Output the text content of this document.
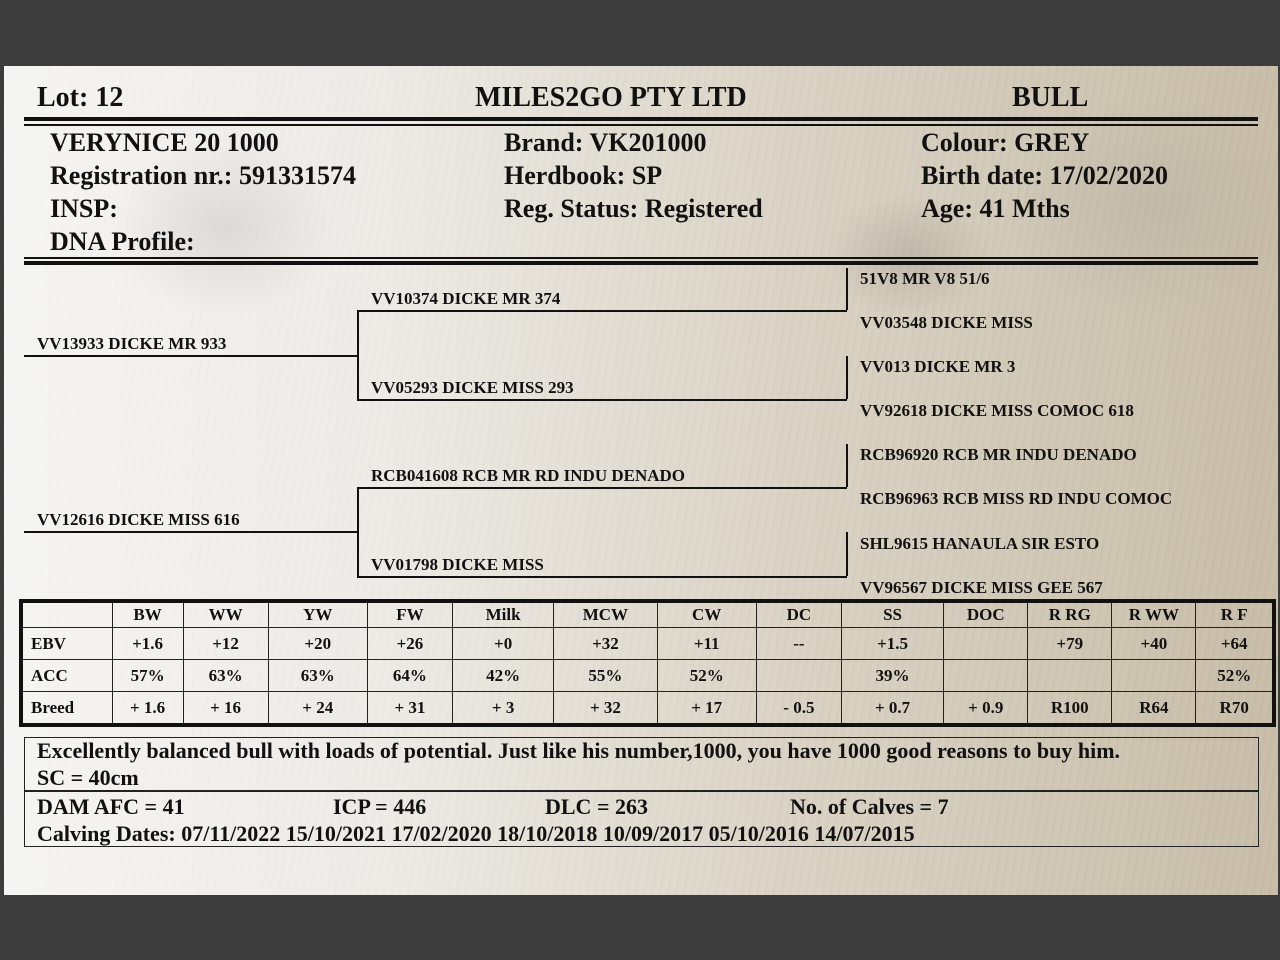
Lot: 12	MILES2GO PTY LTD	BULL
VERYNICE 20 1000
Registration nr.: 591331574
INSP:
DNA Profile:
Brand: VK201000
Herdbook: SP
Reg. Status: Registered
Colour: GREY
Birth date: 17/02/2020
Age: 41 Mths
VV13933 DICKE MR 933
VV12616 DICKE MISS 616
VV10374 DICKE MR 374
VV05293 DICKE MISS 293
RCB041608 RCB MR RD INDU DENADO
VV01798 DICKE MISS
51V8 MR V8 51/6
VV03548 DICKE MISS
VV013 DICKE MR 3
VV92618 DICKE MISS COMOC 618
RCB96920 RCB MR INDU DENADO
RCB96963 RCB MISS RD INDU COMOC
SHL9615 HANAULA SIR ESTO
VV96567 DICKE MISS GEE 567
	BW	WW	YW	FW	Milk	MCW	CW	DC	SS	DOC	R RG	R WW	R F
EBV	+1.6	+12	+20	+26	+0	+32	+11	--	+1.5		+79	+40	+64
ACC	57%	63%	63%	64%	42%	55%	52%		39%				52%
Breed	+ 1.6	+ 16	+ 24	+ 31	+ 3	+ 32	+ 17	- 0.5	+ 0.7	+ 0.9	R100	R64	R70
Excellently balanced bull with loads of potential. Just like his number,1000, you have 1000 good reasons to buy him.
SC = 40cm
DAM AFC = 41	ICP = 446	DLC = 263	No. of Calves = 7
Calving Dates: 07/11/2022 15/10/2021 17/02/2020 18/10/2018 10/09/2017 05/10/2016 14/07/2015
